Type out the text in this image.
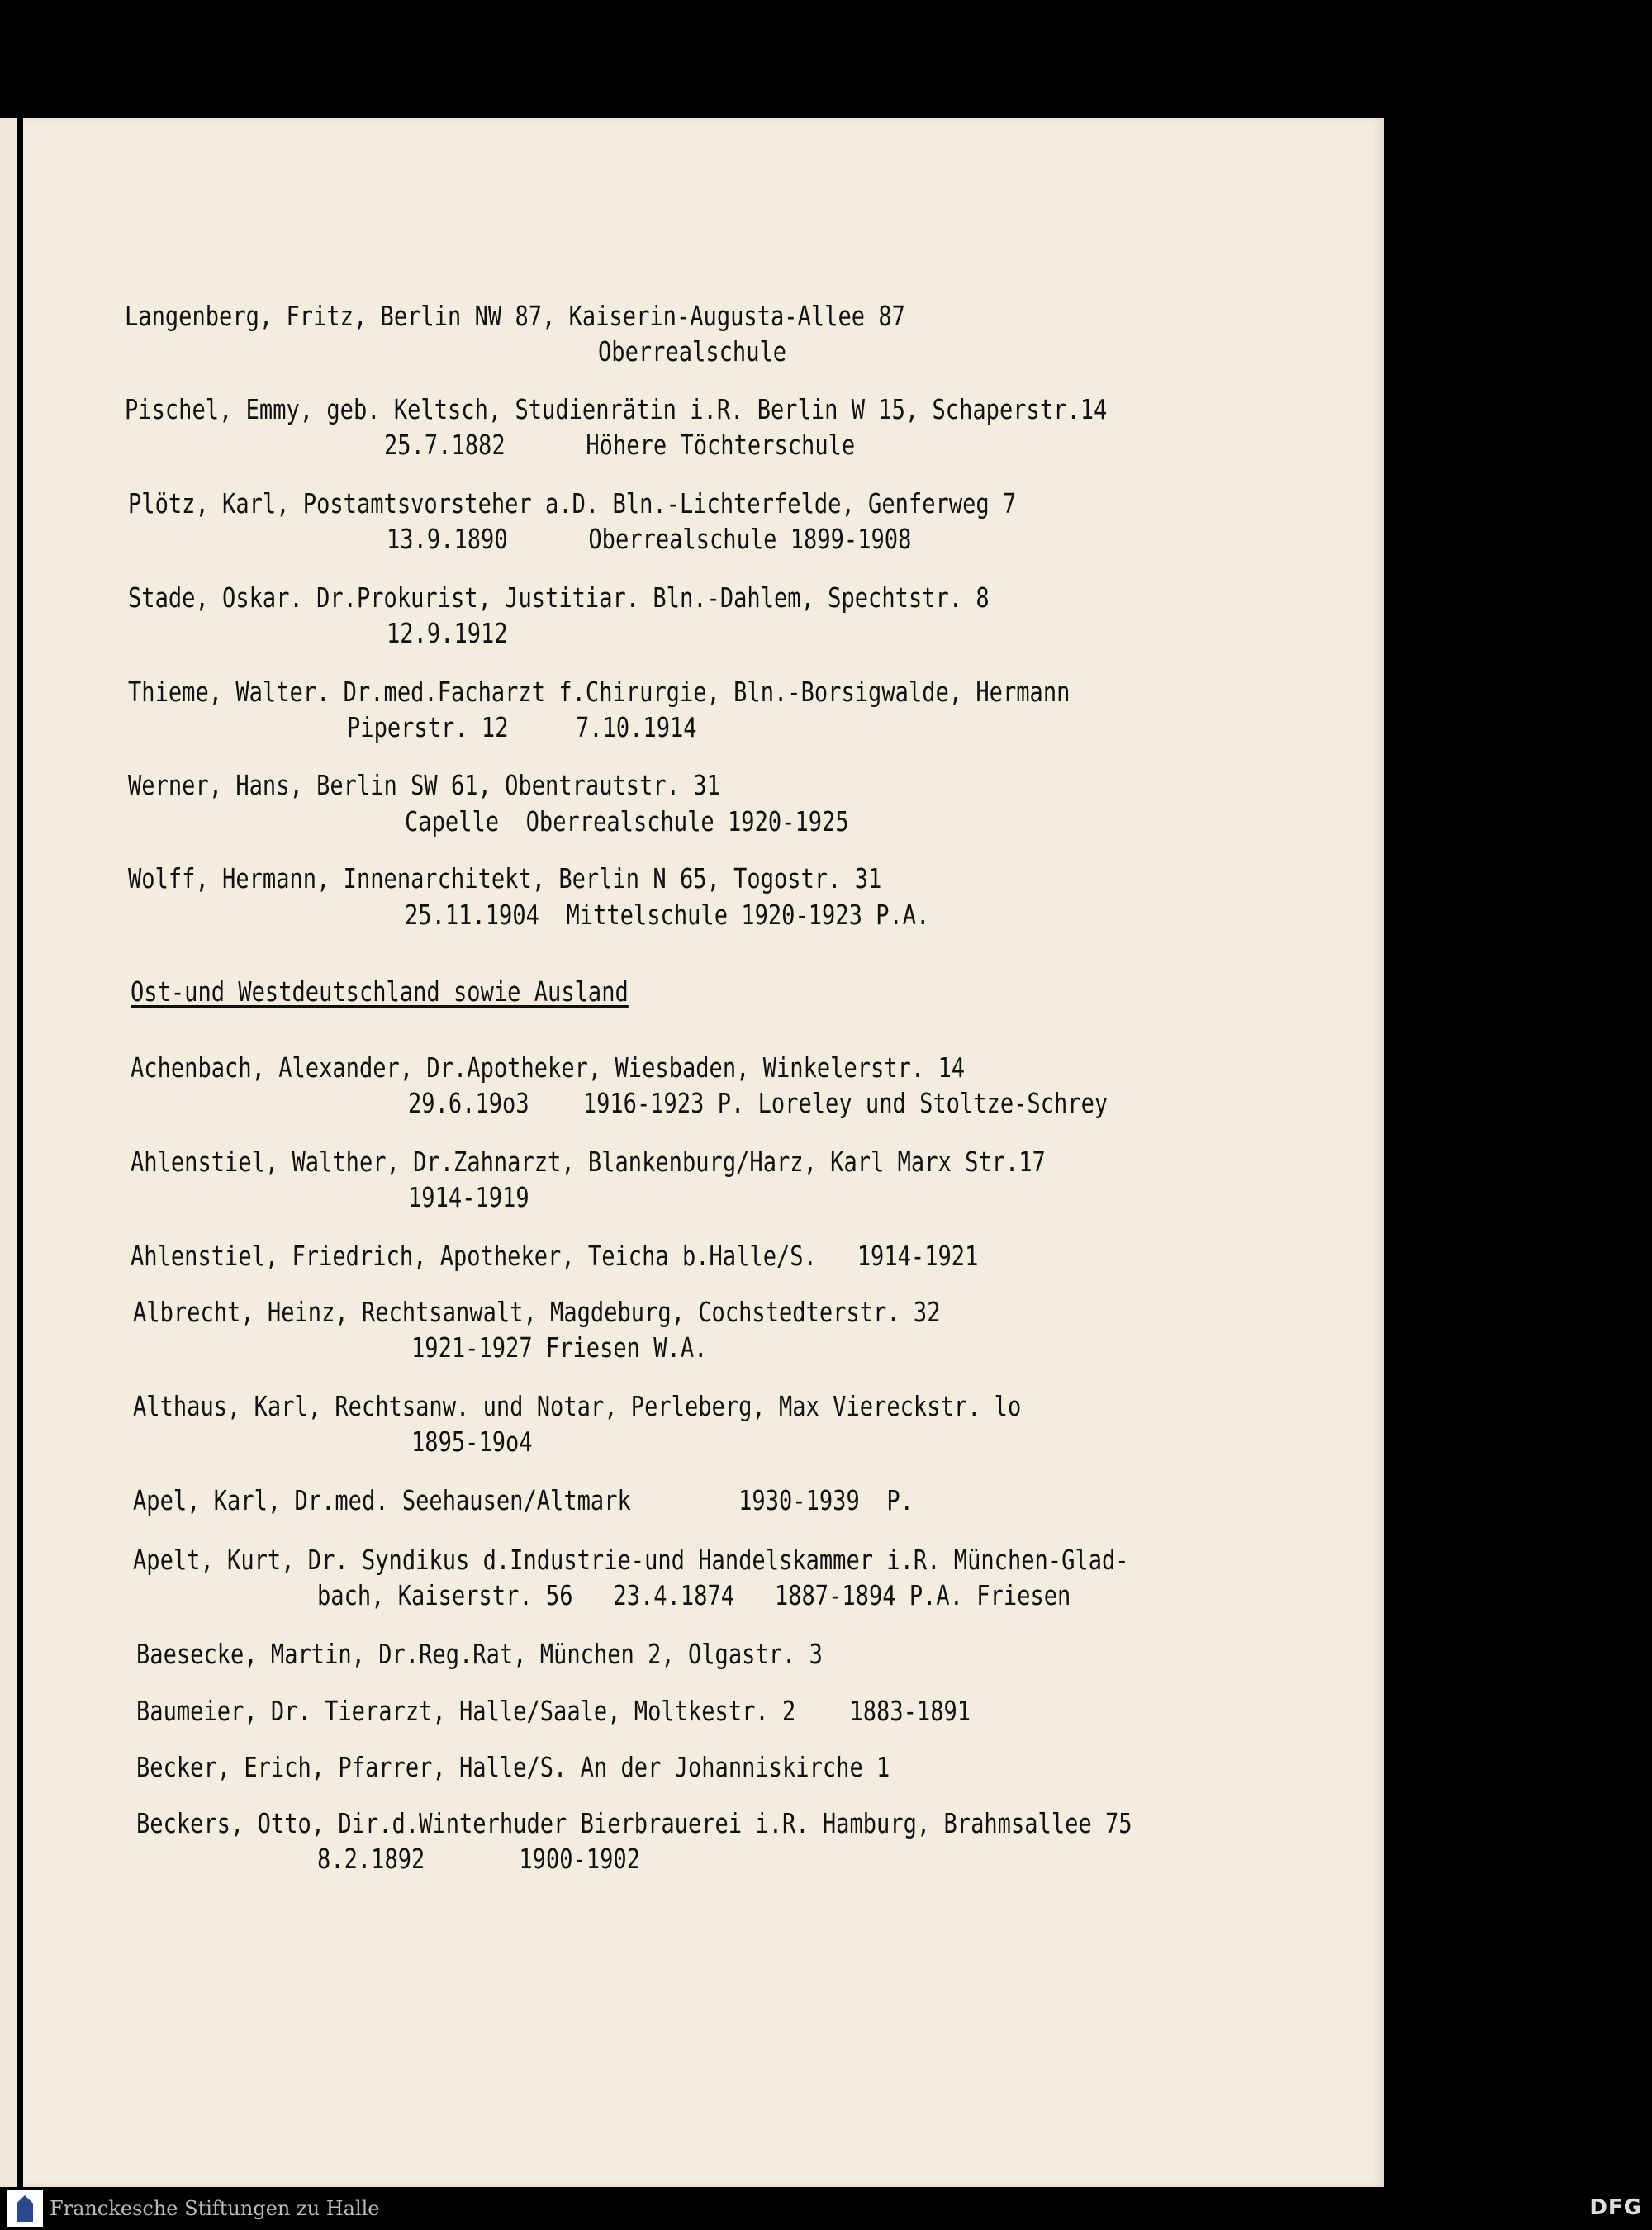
Langenberg, Fritz, Berlin NW 87, Kaiserin-Augusta-Allee 87
Oberrealschule
Pischel, Emmy, geb. Keltsch, Studienrätin i.R. Berlin W 15, Schaperstr.14
25.7.1882      Höhere Töchterschule
Plötz, Karl, Postamtsvorsteher a.D. Bln.-Lichterfelde, Genferweg 7
13.9.1890      Oberrealschule 1899-1908
Stade, Oskar. Dr.Prokurist, Justitiar. Bln.-Dahlem, Spechtstr. 8
12.9.1912
Thieme, Walter. Dr.med.Facharzt f.Chirurgie, Bln.-Borsigwalde, Hermann
Piperstr. 12     7.10.1914
Werner, Hans, Berlin SW 61, Obentrautstr. 31
Capelle  Oberrealschule 1920-1925
Wolff, Hermann, Innenarchitekt, Berlin N 65, Togostr. 31
25.11.1904  Mittelschule 1920-1923 P.A.
Ost-und Westdeutschland sowie Ausland
Achenbach, Alexander, Dr.Apotheker, Wiesbaden, Winkelerstr. 14
29.6.19o3    1916-1923 P. Loreley und Stoltze-Schrey
Ahlenstiel, Walther, Dr.Zahnarzt, Blankenburg/Harz, Karl Marx Str.17
1914-1919
Ahlenstiel, Friedrich, Apotheker, Teicha b.Halle/S.   1914-1921
Albrecht, Heinz, Rechtsanwalt, Magdeburg, Cochstedterstr. 32
1921-1927 Friesen W.A.
Althaus, Karl, Rechtsanw. und Notar, Perleberg, Max Viereckstr. lo
1895-19o4
Apel, Karl, Dr.med. Seehausen/Altmark        1930-1939  P.
Apelt, Kurt, Dr. Syndikus d.Industrie-und Handelskammer i.R. München-Glad-
bach, Kaiserstr. 56   23.4.1874   1887-1894 P.A. Friesen
Baesecke, Martin, Dr.Reg.Rat, München 2, Olgastr. 3
Baumeier, Dr. Tierarzt, Halle/Saale, Moltkestr. 2    1883-1891
Becker, Erich, Pfarrer, Halle/S. An der Johanniskirche 1
Beckers, Otto, Dir.d.Winterhuder Bierbrauerei i.R. Hamburg, Brahmsallee 75
8.2.1892       1900-1902
Franckesche Stiftungen zu Halle	DFG
